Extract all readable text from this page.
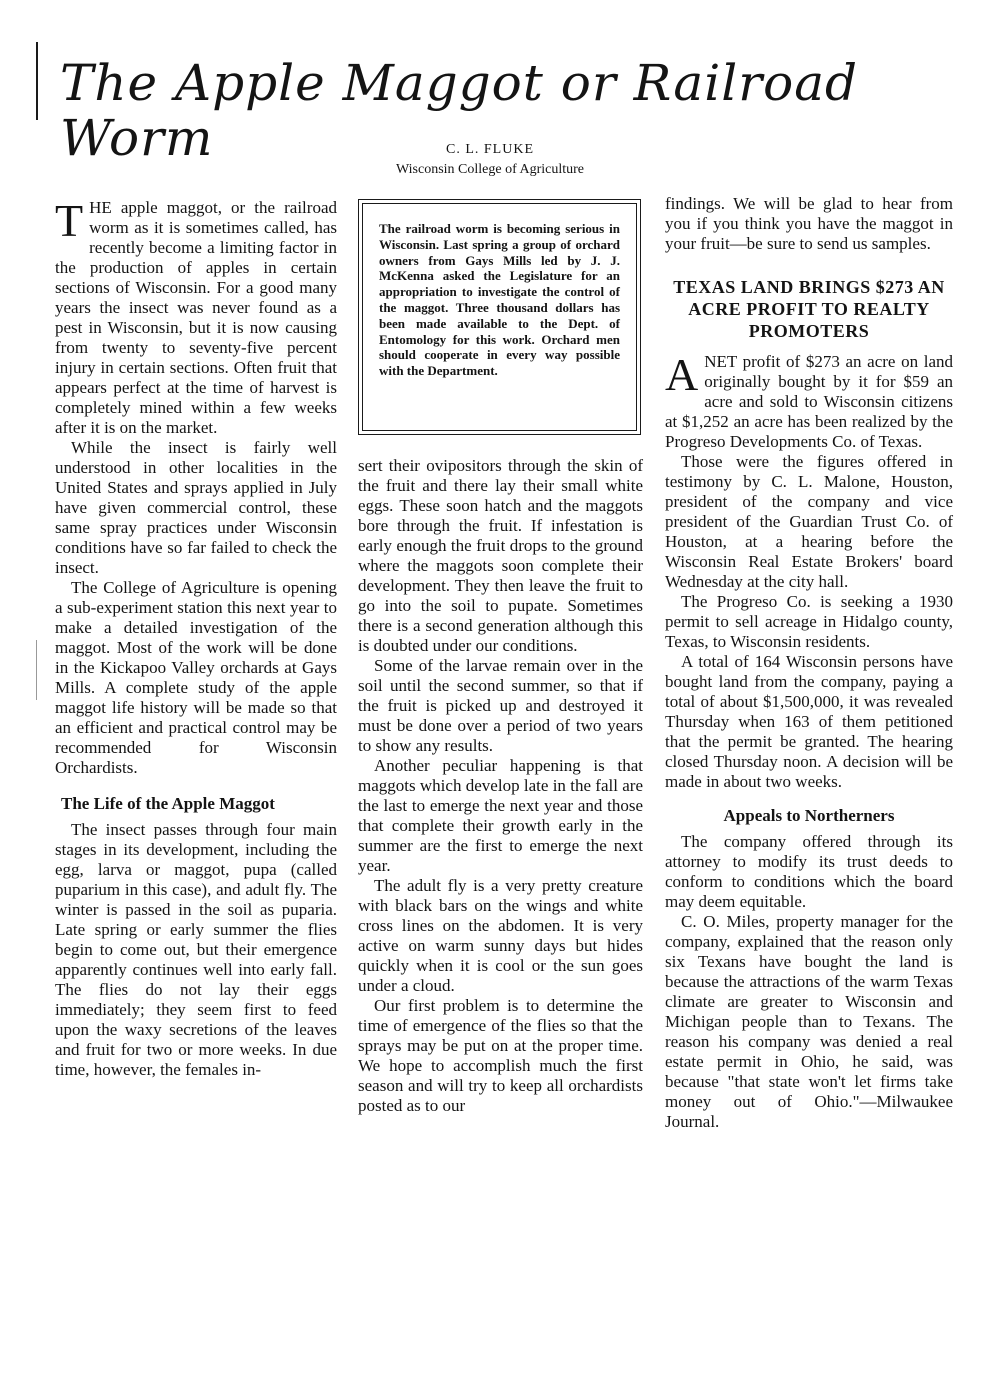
The Apple Maggot or Railroad Worm	C. L. FLUKE
Wisconsin College of Agriculture

THE apple maggot, or the railroad worm as it is sometimes called, has recently become a limiting factor in the production of apples in certain sections of Wisconsin. For a good many years the insect was never found as a pest in Wisconsin, but it is now causing from twenty to seventy-five percent injury in certain sections. Often fruit that appears perfect at the time of harvest is completely mined within a few weeks after it is on the market.

While the insect is fairly well understood in other localities in the United States and sprays applied in July have given commercial control, these same spray practices under Wisconsin conditions have so far failed to check the insect.

The College of Agriculture is opening a sub-experiment station this next year to make a detailed investigation of the maggot. Most of the work will be done in the Kickapoo Valley orchards at Gays Mills. A complete study of the apple maggot life history will be made so that an efficient and practical control may be recommended for Wisconsin Orchardists.

The Life of the Apple Maggot

The insect passes through four main stages in its development, including the egg, larva or maggot, pupa (called puparium in this case), and adult fly. The winter is passed in the soil as puparia. Late spring or early summer the flies begin to come out, but their emergence apparently continues well into early fall. The flies do not lay their eggs immediately; they seem first to feed upon the waxy secretions of the leaves and fruit for two or more weeks. In due time, however, the females in-

The railroad worm is becoming serious in Wisconsin. Last spring a group of orchard owners from Gays Mills led by J. J. McKenna asked the Legislature for an appropriation to investigate the control of the maggot. Three thousand dollars has been made available to the Dept. of Entomology for this work. Orchard men should cooperate in every way possible with the Department.

sert their ovipositors through the skin of the fruit and there lay their small white eggs. These soon hatch and the maggots bore through the fruit. If infestation is early enough the fruit drops to the ground where the maggots soon complete their development. They then leave the fruit to go into the soil to pupate. Sometimes there is a second generation although this is doubted under our conditions.

Some of the larvae remain over in the soil until the second summer, so that if the fruit is picked up and destroyed it must be done over a period of two years to show any results.

Another peculiar happening is that maggots which develop late in the fall are the last to emerge the next year and those that complete their growth early in the summer are the first to emerge the next year.

The adult fly is a very pretty creature with black bars on the wings and white cross lines on the abdomen. It is very active on warm sunny days but hides quickly when it is cool or the sun goes under a cloud.

Our first problem is to determine the time of emergence of the flies so that the sprays may be put on at the proper time. We hope to accomplish much the first season and will try to keep all orchardists posted as to our

findings. We will be glad to hear from you if you think you have the maggot in your fruit—be sure to send us samples.

TEXAS LAND BRINGS $273 AN ACRE PROFIT TO REALTY PROMOTERS

ANET profit of $273 an acre on land originally bought by it for $59 an acre and sold to Wisconsin citizens at $1,252 an acre has been realized by the Progreso Developments Co. of Texas.

Those were the figures offered in testimony by C. L. Malone, Houston, president of the company and vice president of the Guardian Trust Co. of Houston, at a hearing before the Wisconsin Real Estate Brokers' board Wednesday at the city hall.

The Progreso Co. is seeking a 1930 permit to sell acreage in Hidalgo county, Texas, to Wisconsin residents.

A total of 164 Wisconsin persons have bought land from the company, paying a total of about $1,500,000, it was revealed Thursday when 163 of them petitioned that the permit be granted. The hearing closed Thursday noon. A decision will be made in about two weeks.

Appeals to Northerners

The company offered through its attorney to modify its trust deeds to conform to conditions which the board may deem equitable.

C. O. Miles, property manager for the company, explained that the reason only six Texans have bought the land is because the attractions of the warm Texas climate are greater to Wisconsin and Michigan people than to Texans. The reason his company was denied a real estate permit in Ohio, he said, was because "that state won't let firms take money out of Ohio."—Milwaukee Journal.
